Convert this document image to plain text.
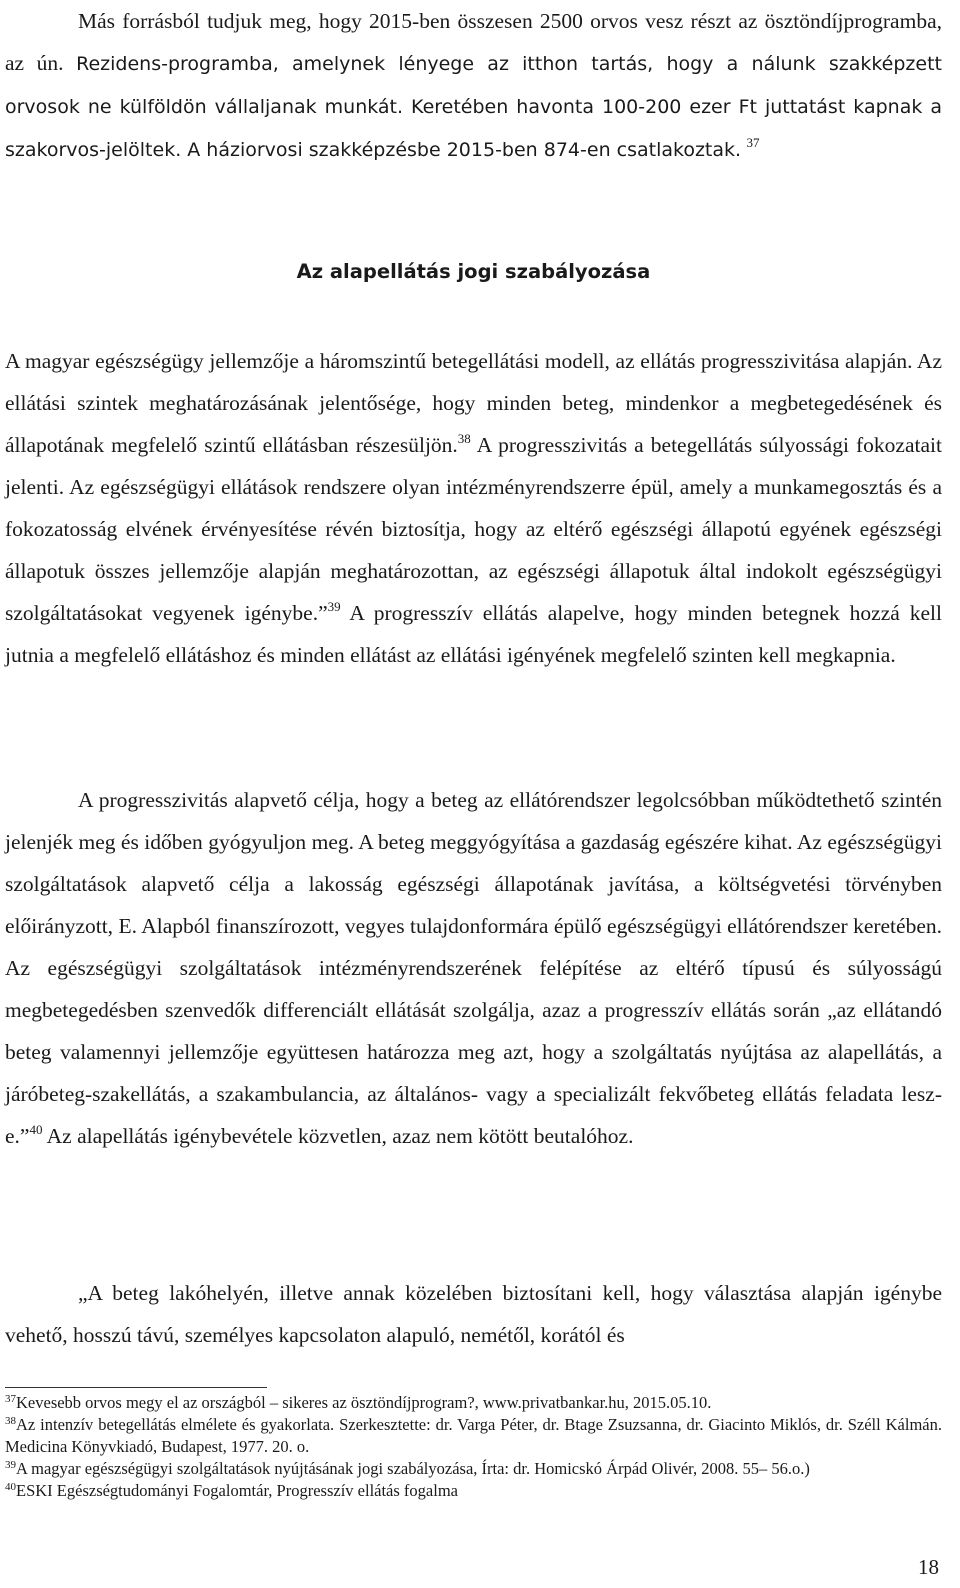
Más forrásból tudjuk meg, hogy 2015-ben összesen 2500 orvos vesz részt az ösztöndíjprogramba, az ún. Rezidens-programba, amelynek lényege az itthon tartás, hogy a nálunk szakképzett orvosok ne külföldön vállaljanak munkát. Keretében havonta 100-200 ezer Ft juttatást kapnak a szakorvos-jelöltek. A háziorvosi szakképzésbe 2015-ben 874-en csatlakoztak. $^{37}$

Az alapellátás jogi szabályozása

A magyar egészségügy jellemzője a háromszintű betegellátási modell, az ellátás progresszivitása alapján. Az ellátási szintek meghatározásának jelentősége, hogy minden beteg, mindenkor a megbetegedésének és állapotának megfelelő szintű ellátásban részesüljön.$^{38}$ A progresszivitás a betegellátás súlyossági fokozatait jelenti. Az egészségügyi ellátások rendszere olyan intézményrendszerre épül, amely a munkamegosztás és a fokozatosság elvének érvényesítése révén biztosítja, hogy az eltérő egészségi állapotú egyének egészségi állapotuk összes jellemzője alapján meghatározottan, az egészségi állapotuk által indokolt egészségügyi szolgáltatásokat vegyenek igénybe.”$^{39}$ A progresszív ellátás alapelve, hogy minden betegnek hozzá kell jutnia a megfelelő ellátáshoz és minden ellátást az ellátási igényének megfelelő szinten kell megkapnia.

A progresszivitás alapvető célja, hogy a beteg az ellátórendszer legolcsóbban működtethető szintén jelenjék meg és időben gyógyuljon meg. A beteg meggyógyítása a gazdaság egészére kihat. Az egészségügyi szolgáltatások alapvető célja a lakosság egészségi állapotának javítása, a költségvetési törvényben előirányzott, E. Alapból finanszírozott, vegyes tulajdonformára épülő egészségügyi ellátórendszer keretében. Az egészségügyi szolgáltatások intézményrendszerének felépítése az eltérő típusú és súlyosságú megbetegedésben szenvedők differenciált ellátását szolgálja, azaz a progresszív ellátás során „az ellátandó beteg valamennyi jellemzője együttesen határozza meg azt, hogy a szolgáltatás nyújtása az alapellátás, a járóbeteg-szakellátás, a szakambulancia, az általános- vagy a specializált fekvőbeteg ellátás feladata lesz-e.”$^{40}$ Az alapellátás igénybevétele közvetlen, azaz nem kötött beutalóhoz.

„A beteg lakóhelyén, illetve annak közelében biztosítani kell, hogy választása alapján igénybe vehető, hosszú távú, személyes kapcsolaton alapuló, nemétől, korától és

$^{37}$Kevesebb orvos megy el az országból – sikeres az ösztöndíjprogram?, www.privatbankar.hu, 2015.05.10.

$^{38}$Az intenzív betegellátás elmélete és gyakorlata. Szerkesztette: dr. Varga Péter, dr. Btage Zsuzsanna, dr. Giacinto Miklós, dr. Széll Kálmán. Medicina Könyvkiadó, Budapest, 1977. 20. o.

$^{39}$A magyar egészségügyi szolgáltatások nyújtásának jogi szabályozása, Írta: dr. Homicskó Árpád Olivér, 2008. 55– 56.o.)

$^{40}$ESKI Egészségtudományi Fogalomtár, Progresszív ellátás fogalma

18
